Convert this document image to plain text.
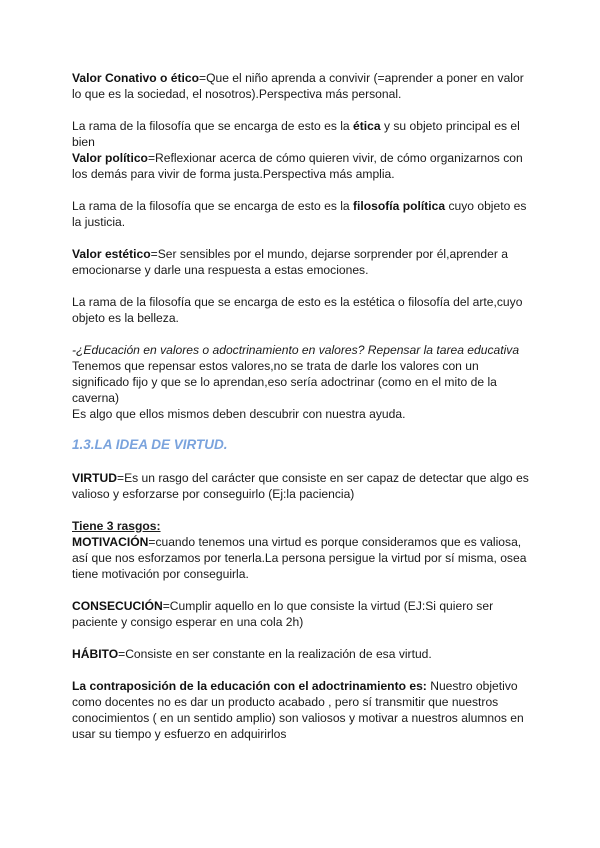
Valor Conativo o ético=Que el niño aprenda a convivir (=aprender a poner en valor lo que es la sociedad, el nosotros).Perspectiva más personal.

La rama de la filosofía que se encarga de esto es la ética y su objeto principal es el bien

Valor político=Reflexionar acerca de cómo quieren vivir, de cómo organizarnos con los demás para vivir de forma justa.Perspectiva más amplia.

La rama de la filosofía que se encarga de esto es la filosofía política cuyo objeto es la justicia.

Valor estético=Ser sensibles por el mundo, dejarse sorprender por él,aprender a emocionarse y darle una respuesta a estas emociones.

La rama de la filosofía que se encarga de esto es la estética o filosofía del arte,cuyo objeto es la belleza.

-¿Educación en valores o adoctrinamiento en valores? Repensar la tarea educativa

Tenemos que repensar estos valores,no se trata de darle los valores con un significado fijo y que se lo aprendan,eso sería adoctrinar (como en el mito de la caverna)

Es algo que ellos mismos deben descubrir con nuestra ayuda.

1.3.LA IDEA DE VIRTUD.

VIRTUD=Es un rasgo del carácter que consiste en ser capaz de detectar que algo es valioso y esforzarse por conseguirlo (Ej:la paciencia)

Tiene 3 rasgos:

MOTIVACIÓN=cuando tenemos una virtud es porque consideramos que es valiosa, así que nos esforzamos por tenerla.La persona persigue la virtud por sí misma, osea tiene motivación por conseguirla.

CONSECUCIÓN=Cumplir aquello en lo que consiste la virtud (EJ:Si quiero ser paciente y consigo esperar en una cola 2h)

HÁBITO=Consiste en ser constante en la realización de esa virtud.

La contraposición de la educación con el adoctrinamiento es: Nuestro objetivo como docentes no es dar un producto acabado , pero sí transmitir que nuestros conocimientos ( en un sentido amplio) son valiosos y motivar a nuestros alumnos en usar su tiempo y esfuerzo en adquirirlos
